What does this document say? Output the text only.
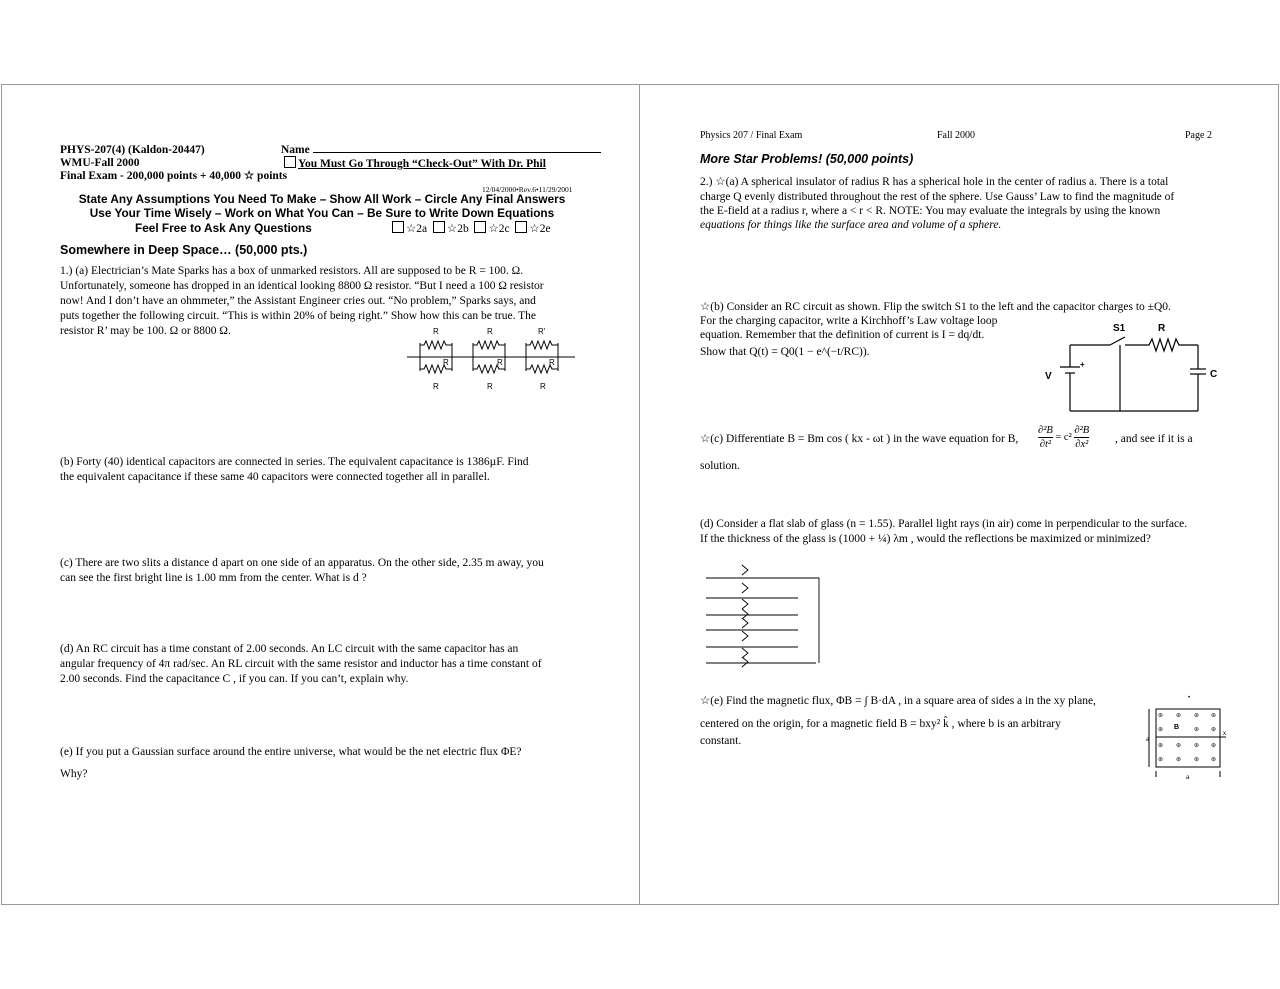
PHYS-207(4) (Kaldon-20447)	Name
WMU-Fall 2000	You Must Go Through “Check-Out” With Dr. Phil
Final Exam - 200,000 points + 40,000 ☆ points
12/04/2000•Rev.6•11/29/2001
State Any Assumptions You Need To Make – Show All Work – Circle Any Final Answers
Use Your Time Wisely – Work on What You Can – Be Sure to Write Down Equations
Feel Free to Ask Any Questions	☆2a ☆2b ☆2c ☆2e
Somewhere in Deep Space… (50,000 pts.)
1.) (a) Electrician’s Mate Sparks has a box of unmarked resistors. All are supposed to be R = 100. Ω.
Unfortunately, someone has dropped in an identical looking 8800 Ω resistor. “But I need a 100 Ω resistor
now! And I don’t have an ohmmeter,” the Assistant Engineer cries out. “No problem,” Sparks says, and
puts together the following circuit. “This is within 20% of being right.” Show how this can be true. The
resistor R’ may be 100. Ω or 8800 Ω.	R	R	R'
R	R	R
R	R	R
(b) Forty (40) identical capacitors are connected in series. The equivalent capacitance is 1386µF. Find
the equivalent capacitance if these same 40 capacitors were connected together all in parallel.
(c) There are two slits a distance d apart on one side of an apparatus. On the other side, 2.35 m away, you
can see the first bright line is 1.00 mm from the center. What is d ?
(d) An RC circuit has a time constant of 2.00 seconds. An LC circuit with the same capacitor has an
angular frequency of 4π rad/sec. An RL circuit with the same resistor and inductor has a time constant of
2.00 seconds. Find the capacitance C , if you can. If you can’t, explain why.
(e) If you put a Gaussian surface around the entire universe, what would be the net electric flux ΦE?
Why?
Physics 207 / Final Exam	Fall 2000	Page 2
More Star Problems! (50,000 points)
2.) ☆(a) A spherical insulator of radius R has a spherical hole in the center of radius a. There is a total
charge Q evenly distributed throughout the rest of the sphere. Use Gauss’ Law to find the magnitude of
the E-field at a radius r, where a < r < R. NOTE: You may evaluate the integrals by using the known
equations for things like the surface area and volume of a sphere.
☆(b) Consider an RC circuit as shown. Flip the switch S1 to the left and the capacitor charges to ±Q0.
For the charging capacitor, write a Kirchhoff’s Law voltage loop
equation. Remember that the definition of current is I = dq/dt.
Show that Q(t) = Q0(1 − e^(−t/RC)).
S1	R
V	C
+
☆(c) Differentiate B = Bm cos ( kx - ωt ) in the wave equation for B, $\frac{\text{∂²B}}{\text{∂t²}} = c^2 \frac{\text{∂²B}}{\text{∂x²}}$ , and see if it is a
solution.
(d) Consider a flat slab of glass (n = 1.55). Parallel light rays (in air) come in perpendicular to the surface.
If the thickness of the glass is (1000 + ¼) λm , would the reflections be maximized or minimized?
☆(e) Find the magnetic flux, ΦB = ∫ B·dA , in a square area of sides a in the xy plane,
centered on the origin, for a magnetic field B = bxy² k̂ , where b is an arbitrary
constant.
⊛ ⊛ ⊛ ⊛
⊛	⊛ ⊛
⊛ ⊛ ⊛ ⊛
⊛ ⊛ ⊛ ⊛
B
a
a
x
•
